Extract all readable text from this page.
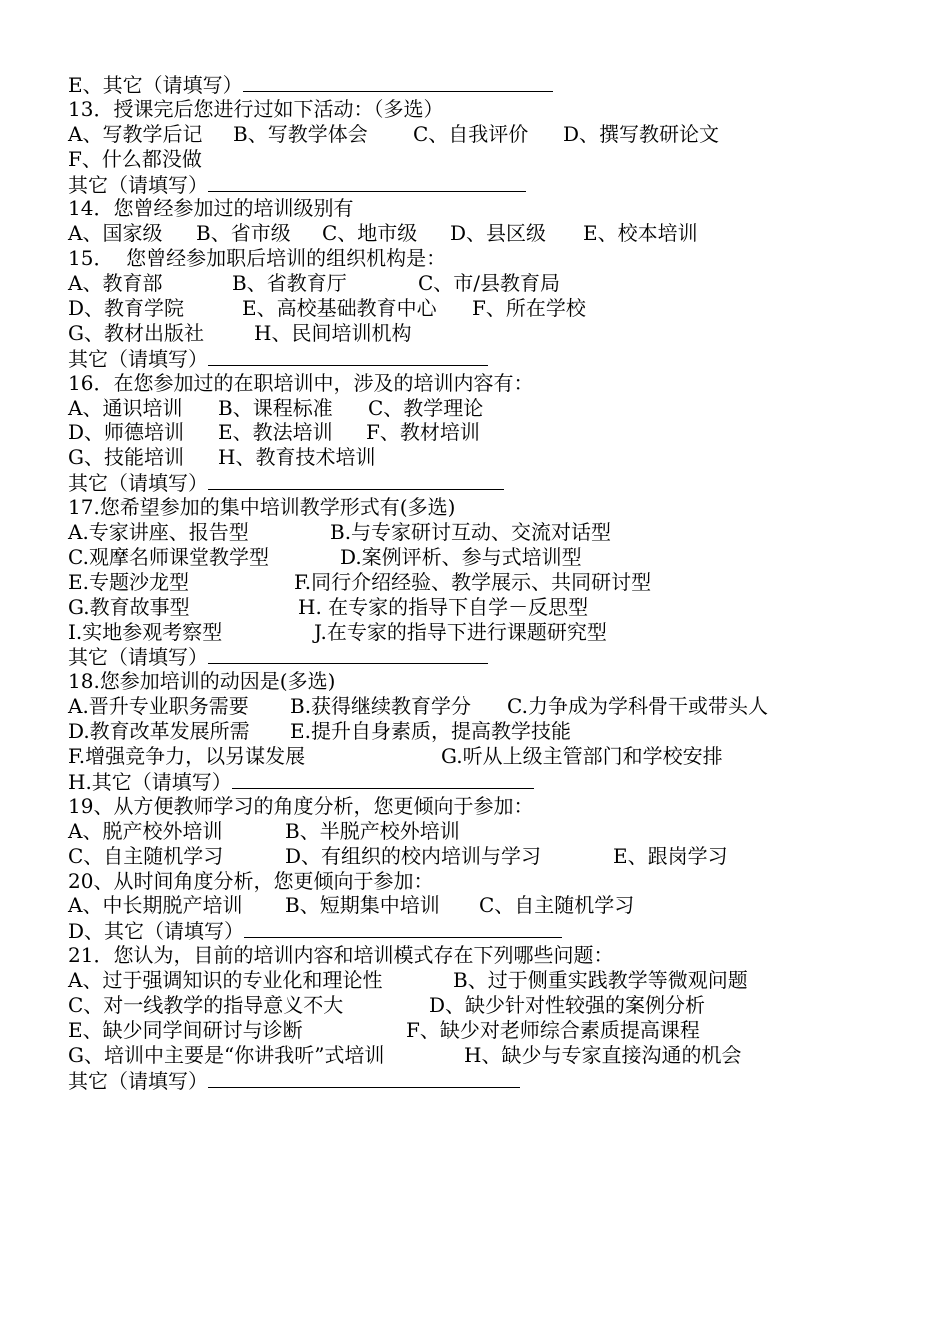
E、其它（请填写）
13．授课完后您进行过如下活动：（多选）
A、写教学后记 B、写教学体会 C、自我评价 D、撰写教研论文
F、什么都没做
其它（请填写）
14．您曾经参加过的培训级别有
A、国家级 B、省市级 C、地市级 D、县区级 E、校本培训
15．  您曾经参加职后培训的组织机构是：
A、教育部	B、省教育厅	C、市/县教育局
D、教育学院	E、高校基础教育中心 F、所在学校
G、教材出版社	H、民间培训机构
其它（请填写）
16．在您参加过的在职培训中，涉及的培训内容有：
A、通识培训 B、课程标准 C、教学理论
D、师德培训 E、教法培训 F、教材培训
G、技能培训 H、教育技术培训
其它（请填写）
17.您希望参加的集中培训教学形式有(多选)
A.专家讲座、报告型	B.与专家研讨互动、交流对话型
C.观摩名师课堂教学型	D.案例评析、参与式培训型
E.专题沙龙型	F.同行介绍经验、教学展示、共同研讨型
G.教育故事型	H. 在专家的指导下自学－反思型
I.实地参观考察型	J.在专家的指导下进行课题研究型
其它（请填写）
18.您参加培训的动因是(多选)
A.晋升专业职务需要 B.获得继续教育学分 C.力争成为学科骨干或带头人
D.教育改革发展所需 E.提升自身素质，提高教学技能
F.增强竞争力，以另谋发展	G.听从上级主管部门和学校安排
H.其它（请填写）
19、从方便教师学习的角度分析，您更倾向于参加：
A、脱产校外培训	B、半脱产校外培训
C、自主随机学习	D、有组织的校内培训与学习	E、跟岗学习
20、从时间角度分析，您更倾向于参加：
A、中长期脱产培训 B、短期集中培训 C、自主随机学习
D、其它（请填写）
21．您认为，目前的培训内容和培训模式存在下列哪些问题：
A、过于强调知识的专业化和理论性	B、过于侧重实践教学等微观问题
C、对一线教学的指导意义不大	D、缺少针对性较强的案例分析
E、缺少同学间研讨与诊断	F、缺少对老师综合素质提高课程
G、培训中主要是“你讲我听”式培训	H、缺少与专家直接沟通的机会
其它（请填写）
